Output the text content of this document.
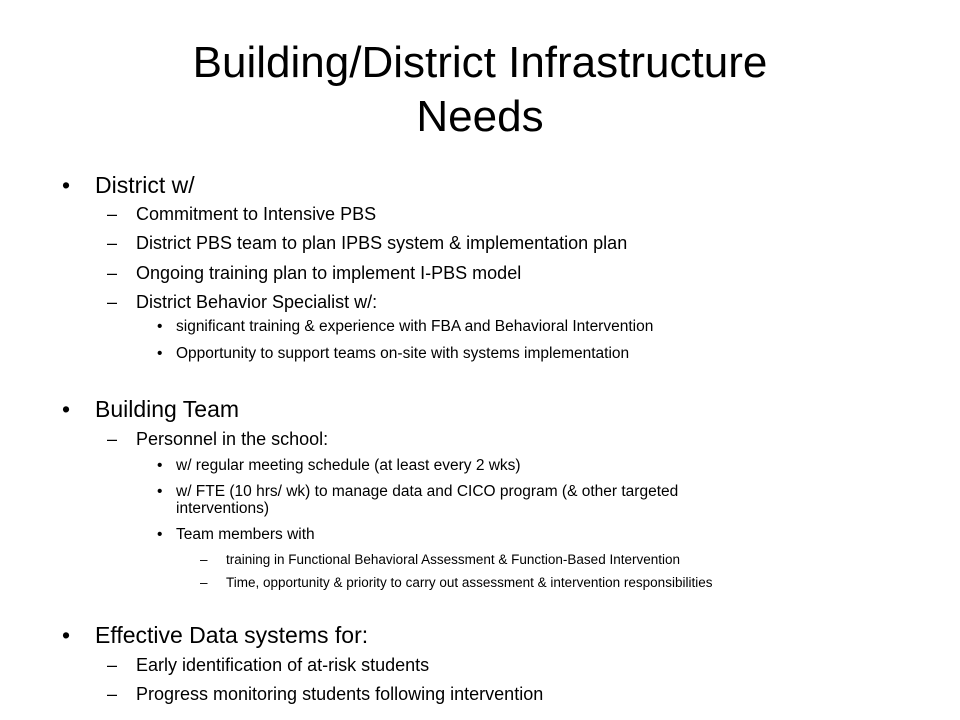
Building/District Infrastructure
Needs
• District w/
– Commitment to Intensive PBS
– District PBS team to plan IPBS system & implementation plan
– Ongoing training plan to implement I-PBS model
– District Behavior Specialist w/:
• significant training & experience with FBA and Behavioral Intervention
• Opportunity to support teams on-site with systems implementation
• Building Team
– Personnel in the school:
• w/ regular meeting schedule (at least every 2 wks)
• w/ FTE (10 hrs/ wk) to manage data and CICO program (& other targeted
interventions)
• Team members with
– training in Functional Behavioral Assessment & Function-Based Intervention
– Time, opportunity & priority to carry out assessment & intervention responsibilities
• Effective Data systems for:
– Early identification of at-risk students
– Progress monitoring students following intervention
